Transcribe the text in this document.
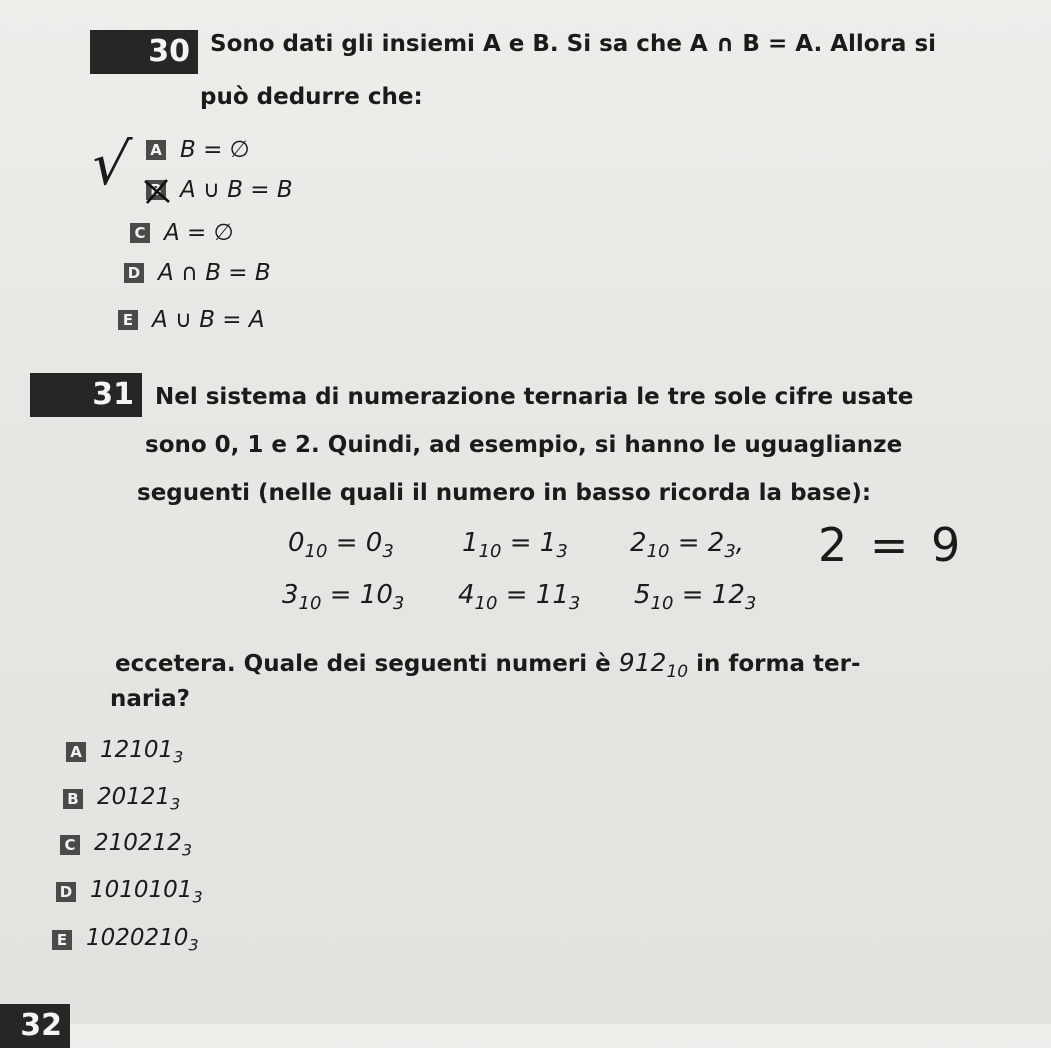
30 Sono dati gli insiemi A e B. Si sa che A ∩ B = A. Allora si
può dedurre che:
√ A B = ∅
B A ∪ B = B
C A = ∅
D A ∩ B = B
E A ∪ B = A
31 Nel sistema di numerazione ternaria le tre sole cifre usate
sono 0, 1 e 2. Quindi, ad esempio, si hanno le uguaglianze
seguenti (nelle quali il numero in basso ricorda la base):
$0_{10} = 0_3$	$1_{10} = 1_3$ $2_{10} = 2_3$, 2 = 9
$3_{10} = 10_3$ $4_{10} = 11_3$ $5_{10} = 12_3$
eccetera. Quale dei seguenti numeri è $912_{10}$ in forma ter-
naria?
A $12101_3$
B $20121_3$
C $210212_3$
D $1010101_3$
E $1020210_3$
32
